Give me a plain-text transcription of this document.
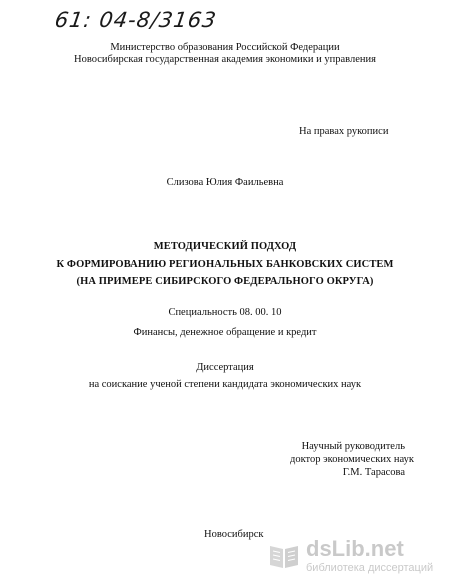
61: 04-8/3163
Министерство образования Российской Федерации
Новосибирская государственная академия экономики и управления
На правах рукописи
Слизова Юлия Фаильевна
МЕТОДИЧЕСКИЙ ПОДХОД
К ФОРМИРОВАНИЮ РЕГИОНАЛЬНЫХ БАНКОВСКИХ СИСТЕМ
(НА ПРИМЕРЕ СИБИРСКОГО ФЕДЕРАЛЬНОГО ОКРУГА)
Специальность 08. 00. 10
Финансы, денежное обращение и кредит
Диссертация
на соискание ученой степени кандидата экономических наук
Научный руководитель
доктор экономических наук
Г.М. Тарасова
Новосибирск
dsLib.net
библиотека диссертаций
